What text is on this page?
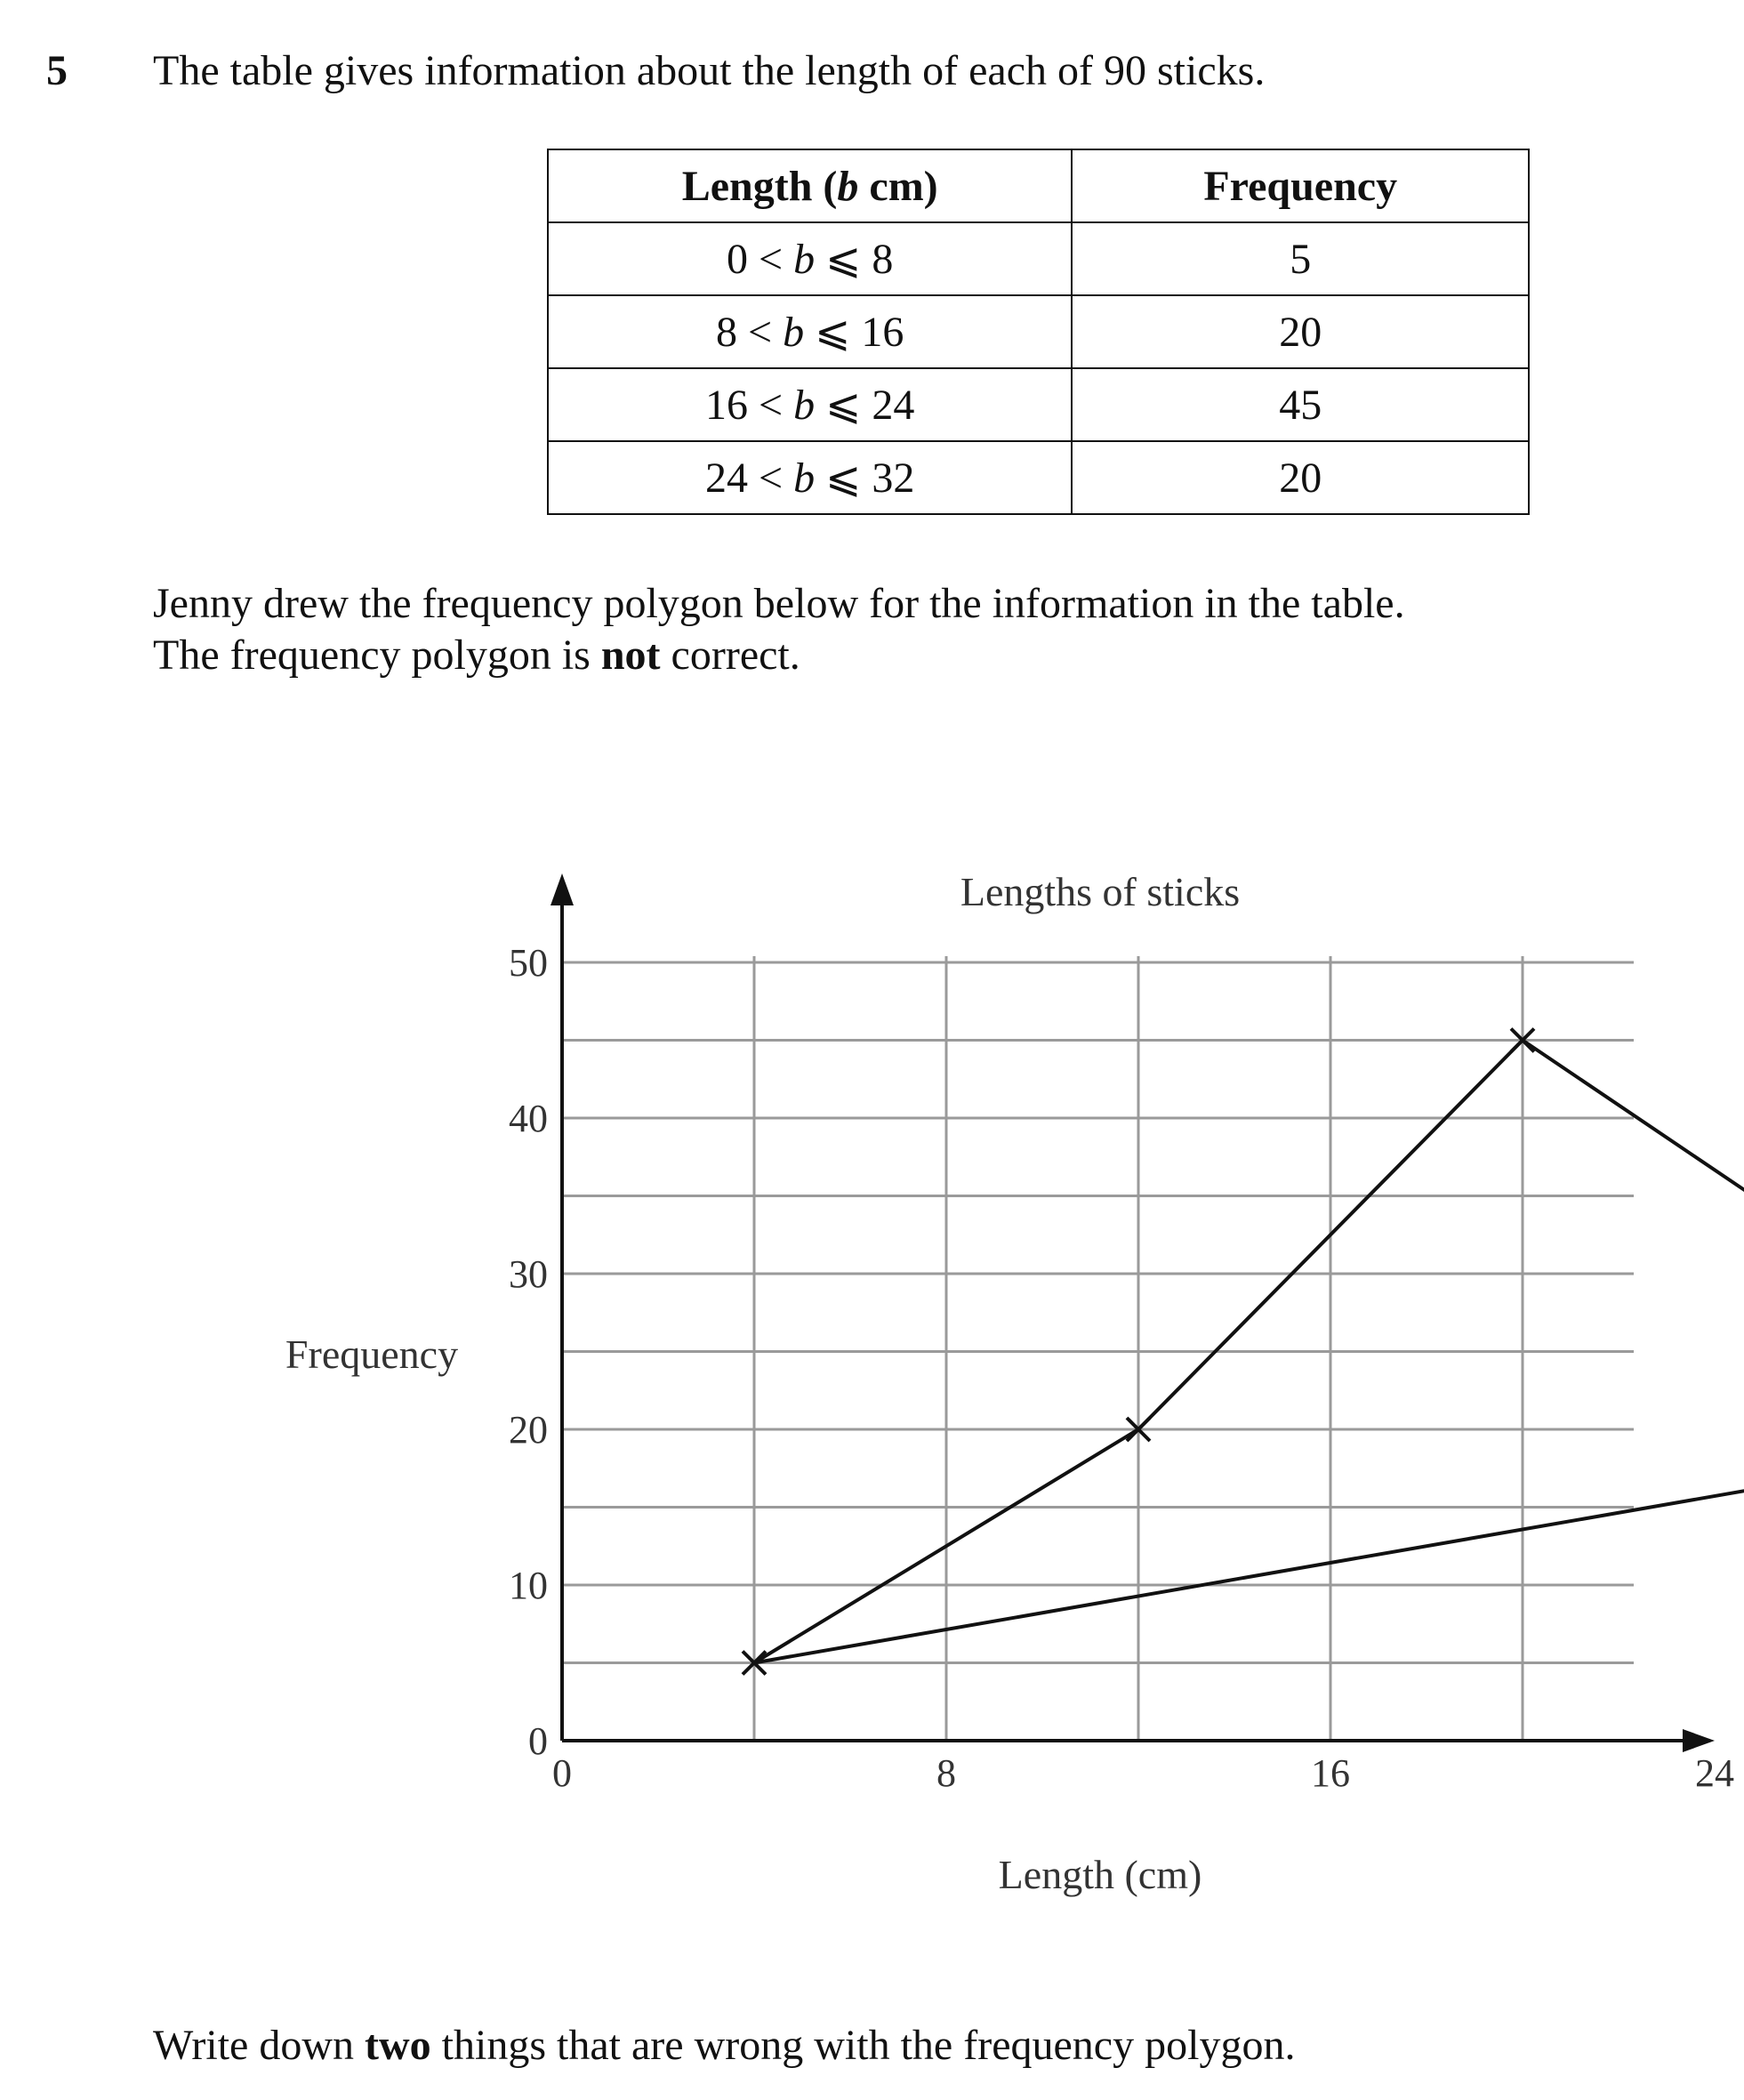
5 The table gives information about the length of each of 90 sticks.
Length (b cm)	Frequency
0 < b ⩽ 8	5
8 < b ⩽ 16	20
16 < b ⩽ 24	45
24 < b ⩽ 32	20
Jenny drew the frequency polygon below for the information in the table.
The frequency polygon is not correct.
0	8	16	24
0
10
20
30
40
50
Lengths of sticks
Length (cm)
Frequency
Write down two things that are wrong with the frequency polygon.
